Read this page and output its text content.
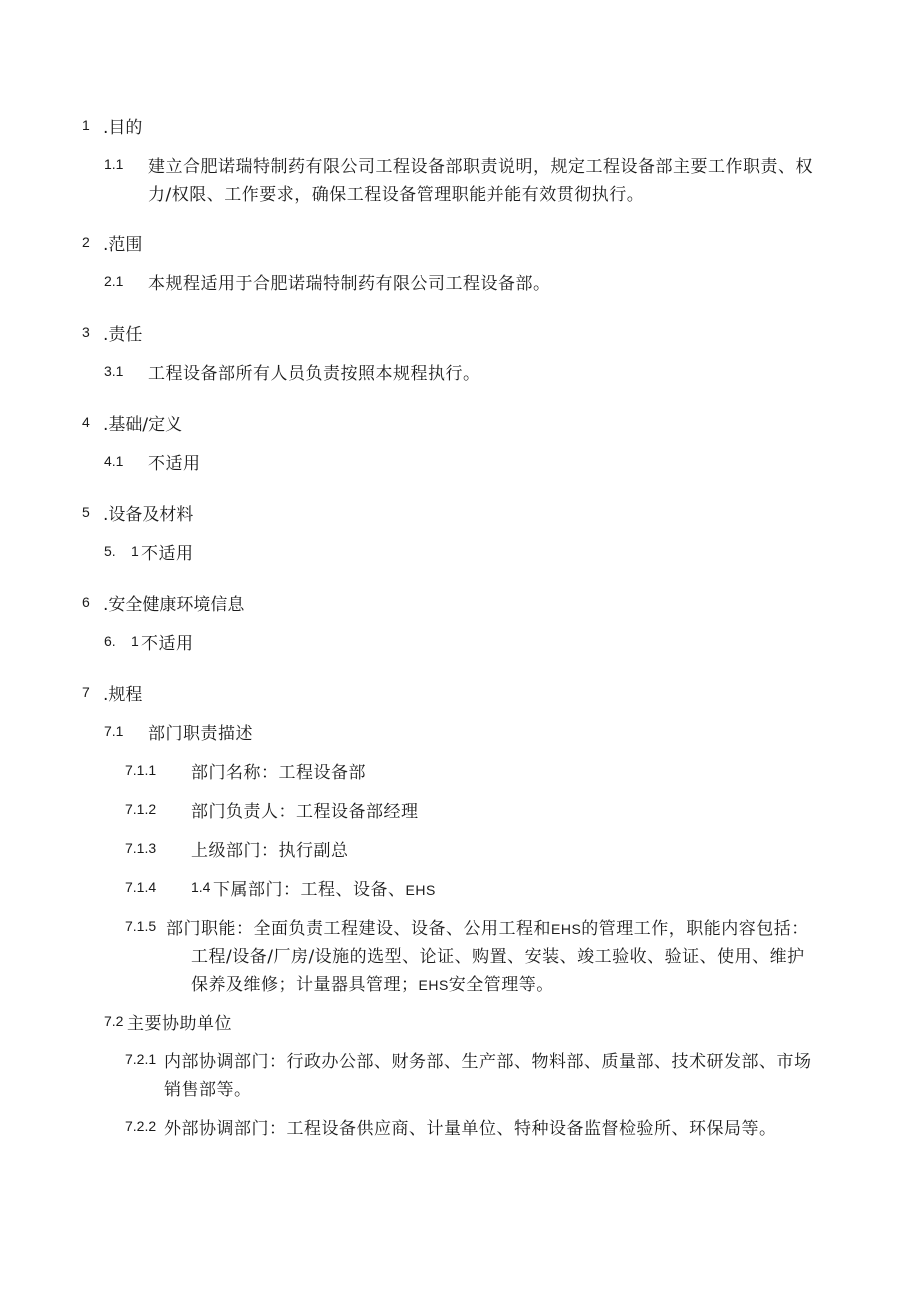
1 .目的
1.1 建立合肥诺瑞特制药有限公司工程设备部职责说明，规定工程设备部主要工作职责、权
力/权限、工作要求，确保工程设备管理职能并能有效贯彻执行。
2 .范围
2.1 本规程适用于合肥诺瑞特制药有限公司工程设备部。
3 .责任
3.1 工程设备部所有人员负责按照本规程执行。
4 .基础/定义
4.1 不适用
5 .设备及材料
5. 1 不适用
6 .安全健康环境信息
6. 1 不适用
7 .规程
7.1 部门职责描述
7.1.1 部门名称：工程设备部
7.1.2 部门负责人：工程设备部经理
7.1.3 上级部门：执行副总
7.1.4 1.4 下属部门：工程、设备、EHS
7.1.5 部门职能：全面负责工程建设、设备、公用工程和EHS的管理工作，职能内容包括：
工程/设备/厂房/设施的选型、论证、购置、安装、竣工验收、验证、使用、维护
保养及维修；计量器具管理；EHS安全管理等。
7.2 主要协助单位
7.2.1 内部协调部门：行政办公部、财务部、生产部、物料部、质量部、技术研发部、市场
销售部等。
7.2.2 外部协调部门：工程设备供应商、计量单位、特种设备监督检验所、环保局等。
